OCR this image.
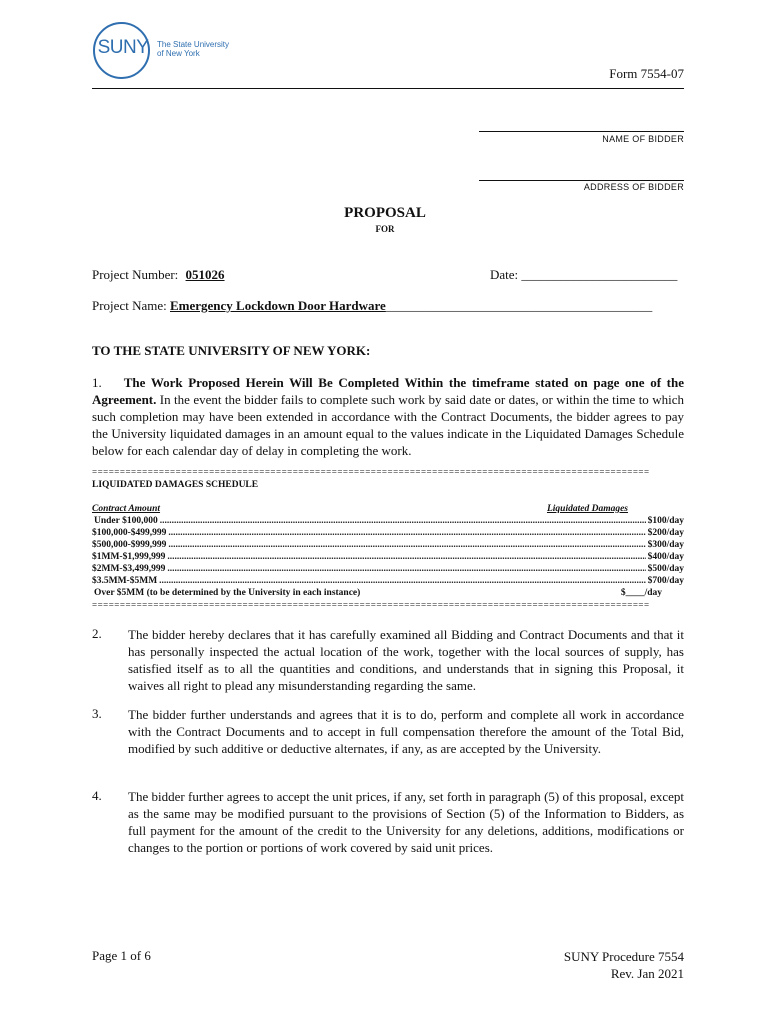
SUNY The State University
of New York
Form 7554-07
NAME OF BIDDER
ADDRESS OF BIDDER
PROPOSAL
FOR
Project Number: 051026	Date: ________________________
Project Name: Emergency Lockdown Door Hardware_________________________________________
TO THE STATE UNIVERSITY OF NEW YORK:
1. The Work Proposed Herein Will Be Completed Within the timeframe stated on page one of the Agreement. In the event the bidder fails to complete such work by said date or dates, or within the time to which such completion may have been extended in accordance with the Contract Documents, the bidder agrees to pay the University liquidated damages in an amount equal to the values indicate in the Liquidated Damages Schedule below for each calendar day of delay in completing the work.
====================================================================================================
LIQUIDATED DAMAGES SCHEDULE
Contract Amount	Liquidated Damages
Under $100,000 .....	$100/day
$100,000-$499,999 .....	$200/day
$500,000-$999,999 .....	$300/day
$1MM-$1,999,999 .....	$400/day
$2MM-$3,499,999 .....	$500/day
$3.5MM-$5MM .....	$700/day
Over $5MM (to be determined by the University in each instance)	$____/day
====================================================================================================
2. The bidder hereby declares that it has carefully examined all Bidding and Contract Documents and that it has personally inspected the actual location of the work, together with the local sources of supply, has satisfied itself as to all the quantities and conditions, and understands that in signing this Proposal, it waives all right to plead any misunderstanding regarding the same.
3. The bidder further understands and agrees that it is to do, perform and complete all work in accordance with the Contract Documents and to accept in full compensation therefore the amount of the Total Bid, modified by such additive or deductive alternates, if any, as are accepted by the University.
4. The bidder further agrees to accept the unit prices, if any, set forth in paragraph (5) of this proposal, except as the same may be modified pursuant to the provisions of Section (5) of the Information to Bidders, as full payment for the amount of the credit to the University for any deletions, additions, modifications or changes to the portion or portions of work covered by said unit prices.
Page 1 of 6	SUNY Procedure 7554
Rev. Jan 2021
